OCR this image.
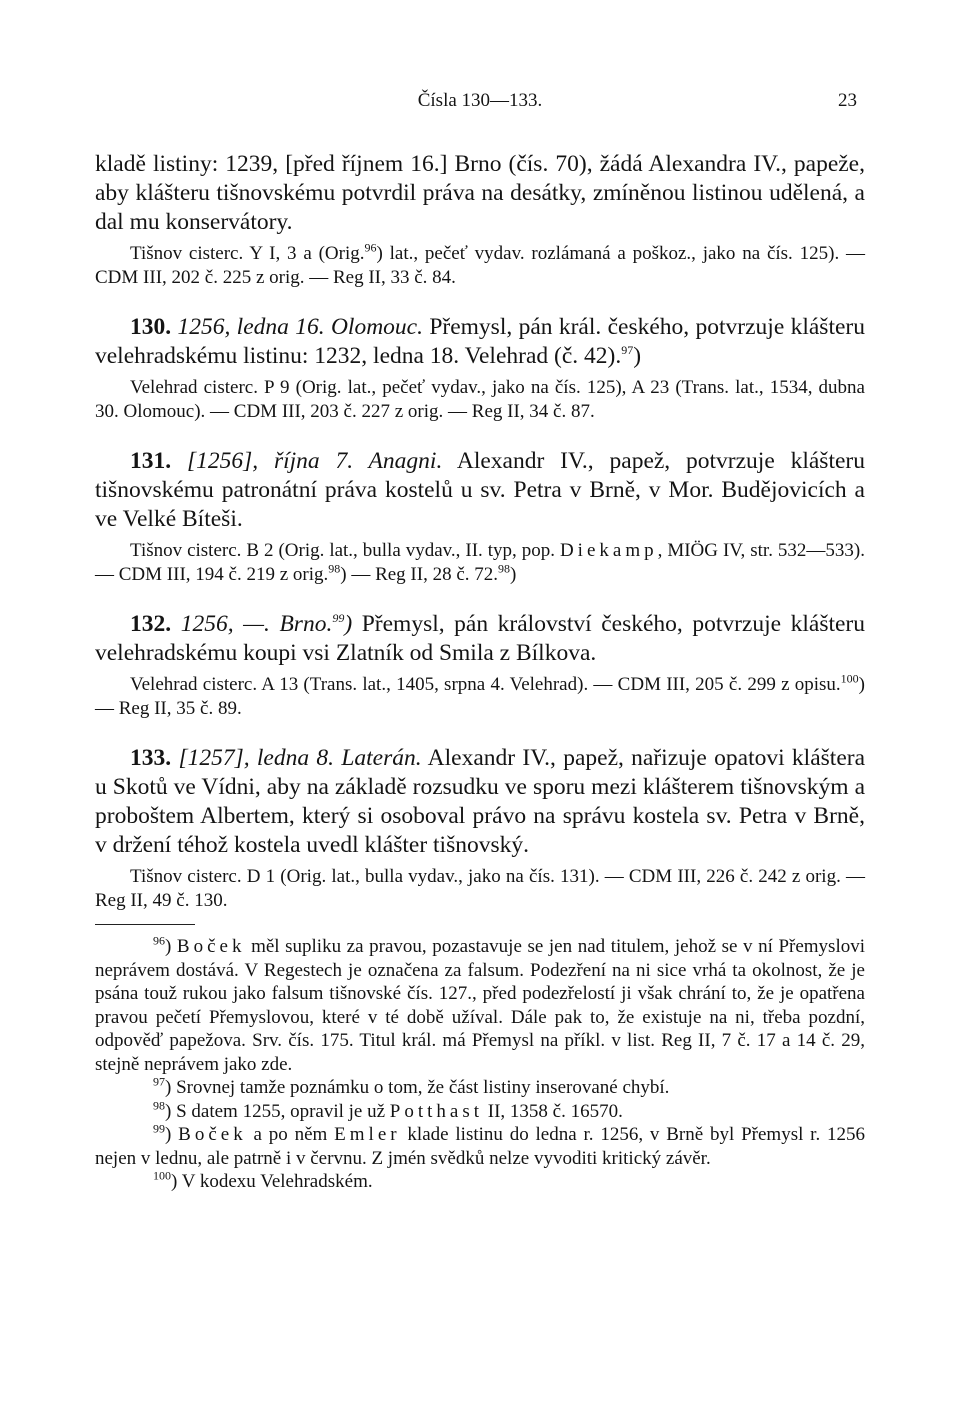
Čísla 130—133.	23

kladě listiny: 1239, [před říjnem 16.] Brno (čís. 70), žádá Alexandra IV., papeže, aby klášteru tišnovskému potvrdil práva na desátky, zmíněnou listinou udělená, a dal mu konservátory.

Tišnov cisterc. Y I, 3 a (Orig.$^{96}$) lat., pečeť vydav. rozlámaná a poškoz., jako na čís. 125). — CDM III, 202 č. 225 z orig. — Reg II, 33 č. 84.

130. 1256, ledna 16. Olomouc. Přemysl, pán král. českého, potvrzuje klášteru velehradskému listinu: 1232, ledna 18. Velehrad (č. 42).$^{97}$)

Velehrad cisterc. P 9 (Orig. lat., pečeť vydav., jako na čís. 125), A 23 (Trans. lat., 1534, dubna 30. Olomouc). — CDM III, 203 č. 227 z orig. — Reg II, 34 č. 87.

131. [1256], října 7. Anagni. Alexandr IV., papež, potvrzuje klášteru tišnovskému patronátní práva kostelů u sv. Petra v Brně, v Mor. Budějovicích a ve Velké Bíteši.

Tišnov cisterc. B 2 (Orig. lat., bulla vydav., II. typ, pop. Diekamp, MIÖG IV, str. 532—533). — CDM III, 194 č. 219 z orig.$^{98}$) — Reg II, 28 č. 72.98)

132. 1256, —. Brno.$^{99}$) Přemysl, pán království českého, potvrzuje klášteru velehradskému koupi vsi Zlatník od Smila z Bílkova.

Velehrad cisterc. A 13 (Trans. lat., 1405, srpna 4. Velehrad). — CDM III, 205 č. 299 z opisu.$^{100}$) — Reg II, 35 č. 89.

133. [1257], ledna 8. Laterán. Alexandr IV., papež, nařizuje opatovi kláštera u Skotů ve Vídni, aby na základě rozsudku ve sporu mezi klášterem tišnovským a proboštem Albertem, který si osoboval právo na správu kostela sv. Petra v Brně, v držení téhož kostela uvedl klášter tišnovský.

Tišnov cisterc. D 1 (Orig. lat., bulla vydav., jako na čís. 131). — CDM III, 226 č. 242 z orig. — Reg II, 49 č. 130.

$^{96}$) Boček měl supliku za pravou, pozastavuje se jen nad titulem, jehož se v ní Přemyslovi neprávem dostává. V Regestech je označena za falsum. Podezření na ni sice vrhá ta okolnost, že je psána touž rukou jako falsum tišnovské čís. 127., před podezřelostí ji však chrání to, že je opatřena pravou pečetí Přemyslovou, které v té době užíval. Dále pak to, že existuje na ni, třeba pozdní, odpověď papežova. Srv. čís. 175. Titul král. má Přemysl na příkl. v list. Reg II, 7 č. 17 a 14 č. 29, stejně neprávem jako zde.

$^{97}$) Srovnej tamže poznámku o tom, že část listiny inserované chybí.

$^{98}$) S datem 1255, opravil je už Potthast II, 1358 č. 16570.

$^{99}$) Boček a po něm Emler klade listinu do ledna r. 1256, v Brně byl Přemysl r. 1256 nejen v lednu, ale patrně i v červnu. Z jmén svědků nelze vyvoditi kritický závěr.

$^{100}$) V kodexu Velehradském.
